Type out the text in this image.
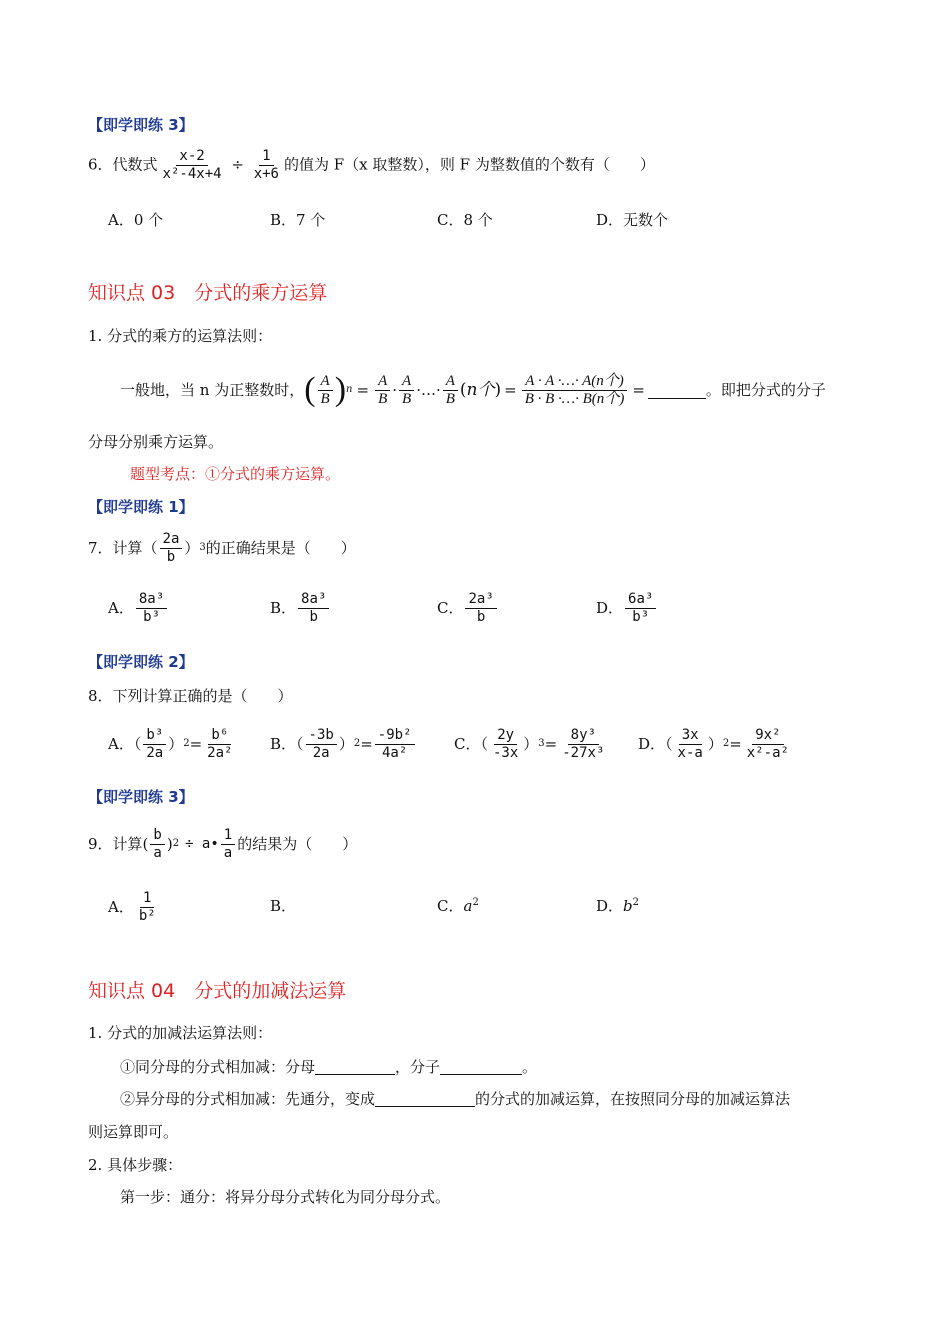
【即学即练 3】
6．代数式 $\frac{x-2}{\text{x²-4x+4}} \div \frac{1}{x+6}$ 的值为 F（x 取整数），则 F 为整数值的个数有（　　）
A．0 个	B．7 个	C．8 个	D．无数个
知识点 03　分式的乘方运算
1. 分式的乘方的运算法则：
一般地，当 n 为正整数时， ( $\frac{A}{B}$ ) $n = \frac{A}{B} \cdot \frac{A}{B}$ ·…· $\frac{A}{B} (n$个) = $\frac{\text{A · A ·…· A(n个)}}{\text{B · B ·…· B(n个)}}$ =	。即把分式的分子
分母分别乘方运算。
题型考点：①分式的乘方运算。
【即学即练 1】
7．计算（ $\frac{2a}{b}$ ） 3 的正确结果是（　　）
A． $\frac{\text{8a³}}{\text{b³}}$	B． $\frac{\text{8a³}}{b}$	C． $\frac{\text{2a³}}{b}$	D． $\frac{\text{6a³}}{\text{b³}}$
【即学即练 2】
8．下列计算正确的是（　　）
A．（ $\frac{\text{b³}}{2a}$ ） $2 = \frac{\text{b⁶}}{\text{2a²}}$ B．（ $\frac{-3b}{2a}$ ） $2 = \frac{\text{-9b²}}{\text{4a²}}$	C．（ $\frac{2y}{-3x}$ ） $3 = \frac{\text{8y³}}{\text{-27x³}}$ D．（ $\frac{3x}{x-a}$ ） $2 = \frac{\text{9x²}}{\text{x²-a²}}$
【即学即练 3】
9．计算 ( $\frac{b}{a}$ ) 2 ÷ a• $\frac{1}{a}$ 的结果为（　　）
A． $\frac{1}{\text{b²}}$	B．	C．$a^2$	D．$b^2$
知识点 04　分式的加减法运算
1. 分式的加减法运算法则：
①同分母的分式相加减：分母	，分子	。
②异分母的分式相加减：先通分，变成	的分式的加减运算，在按照同分母的加减运算法
则运算即可。
2. 具体步骤：
第一步：通分：将异分母分式转化为同分母分式。
